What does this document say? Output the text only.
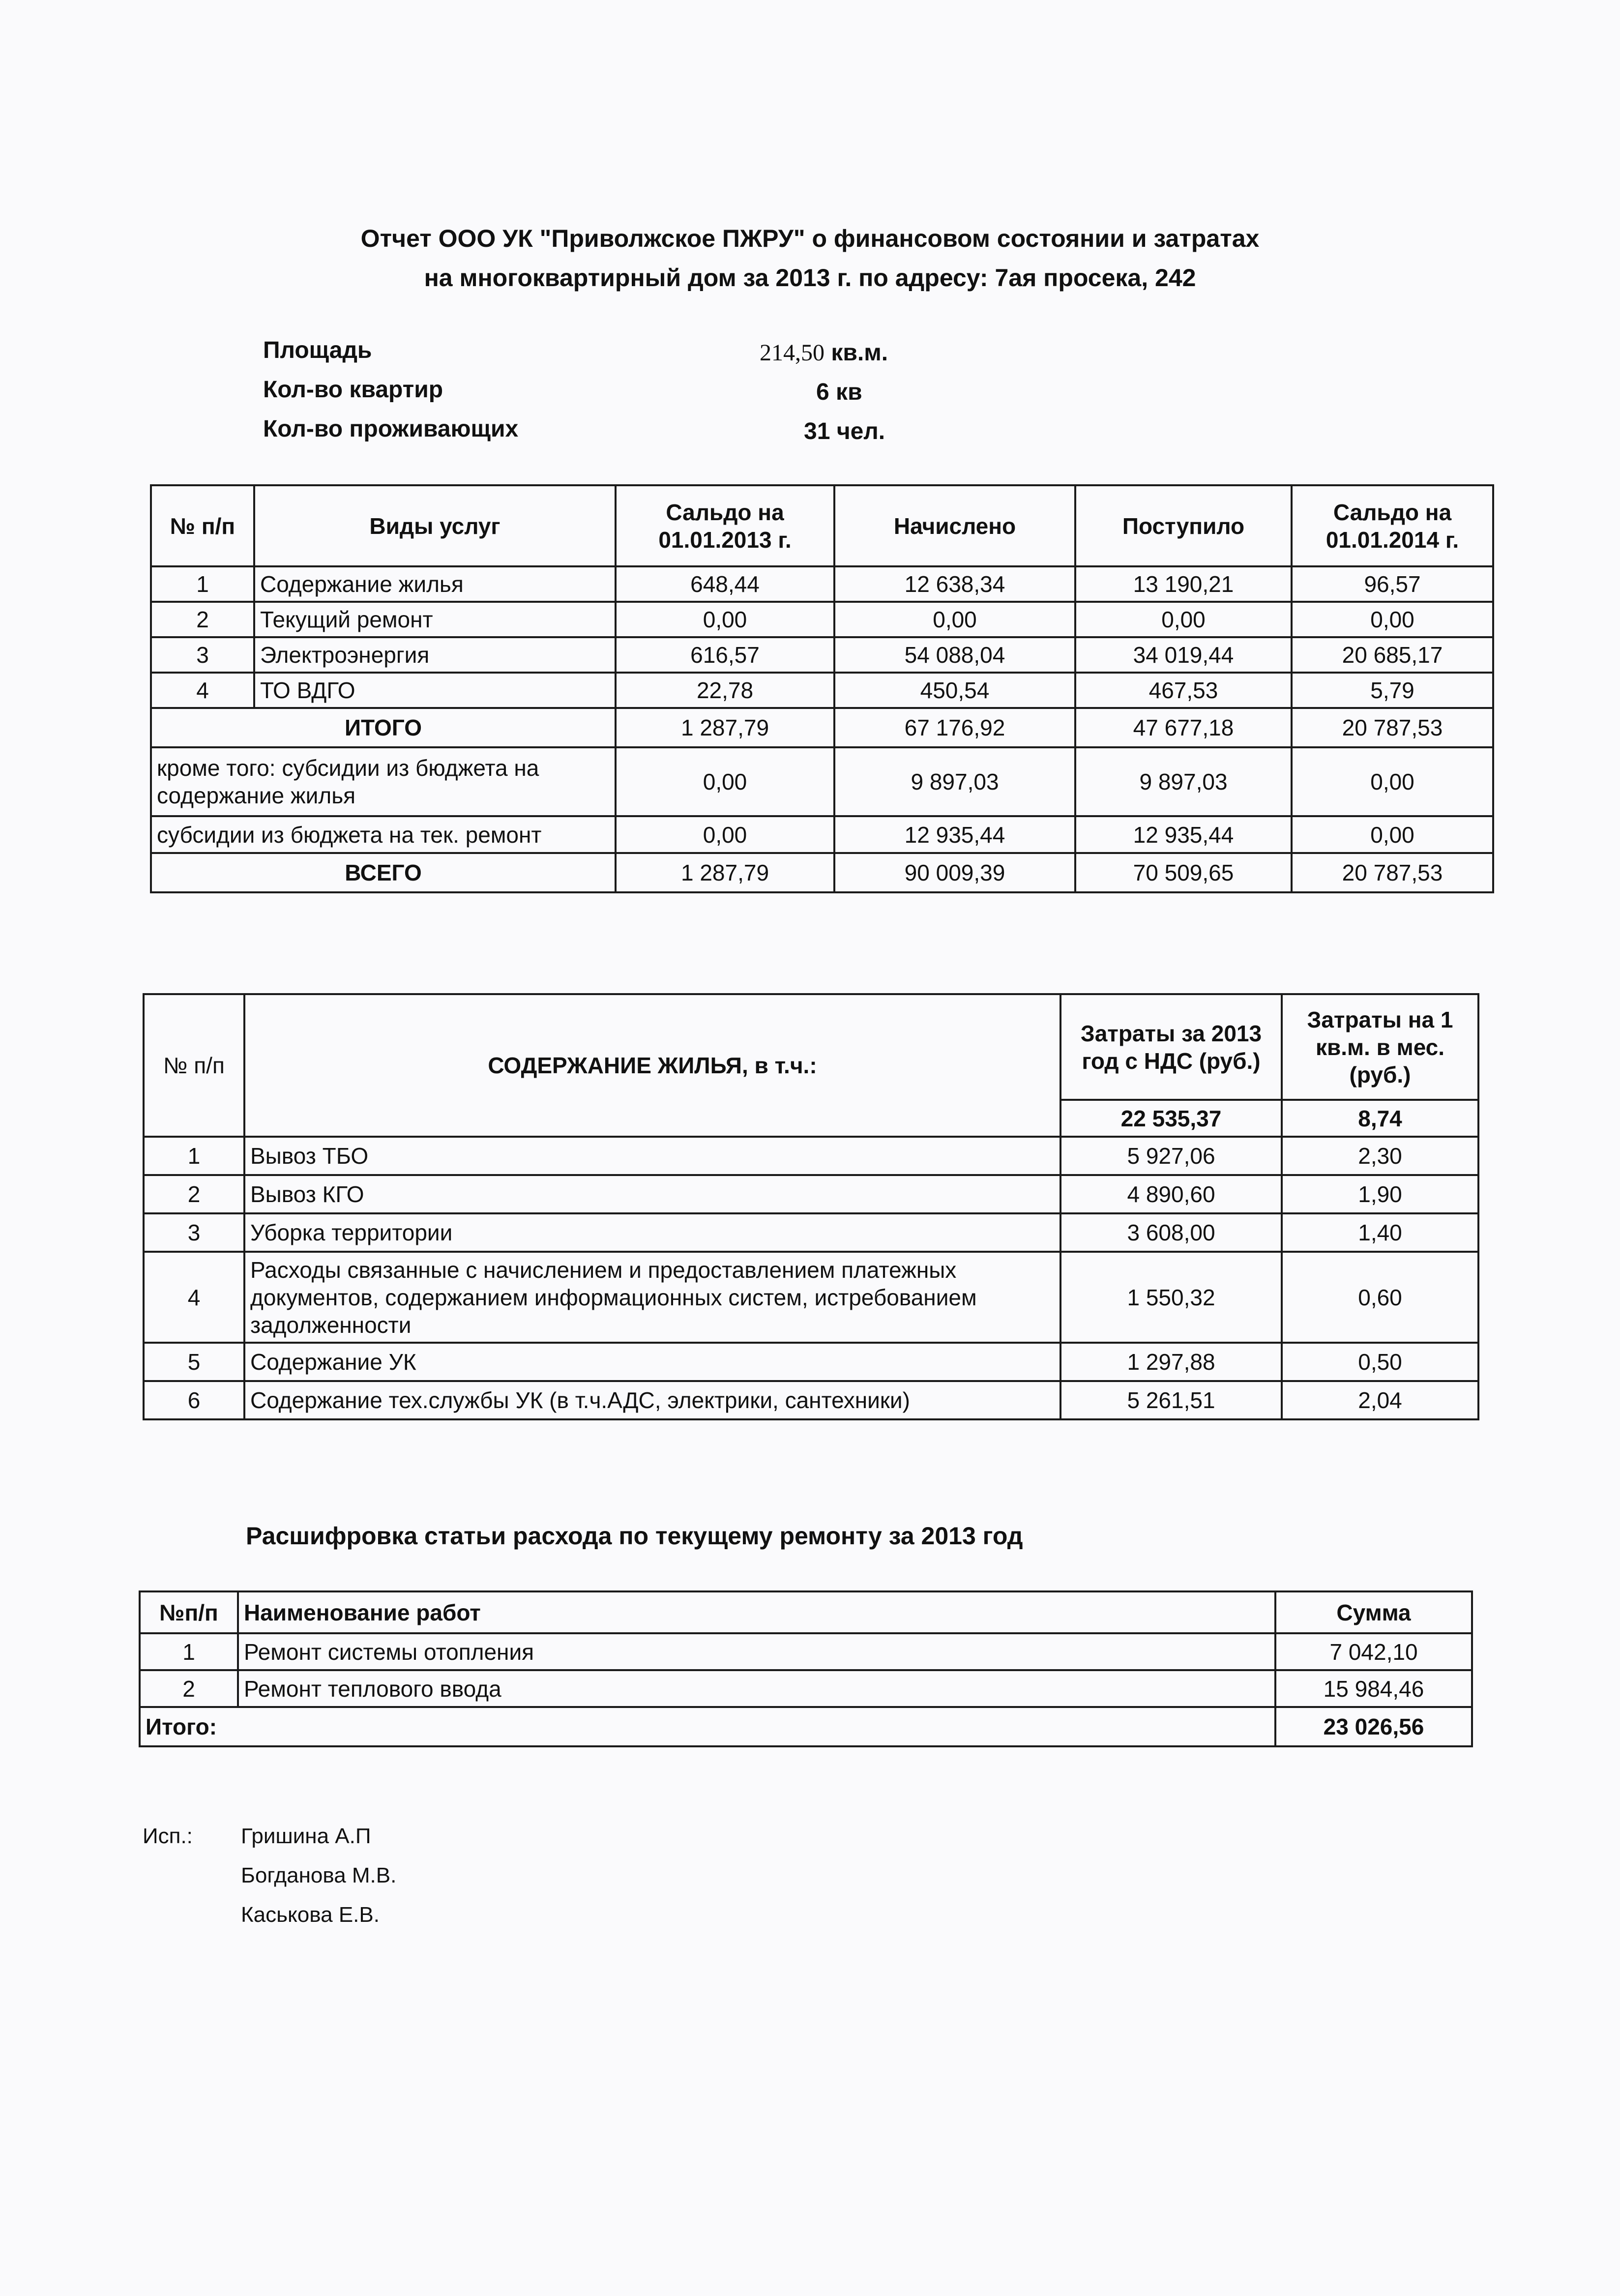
Отчет ООО УК "Приволжское ПЖРУ" о финансовом состоянии и затратах
на многоквартирный дом за 2013 г. по адресу: 7ая просека, 242
Площадь	214,50 кв.м.
Кол-во квартир	6 кв
Кол-во проживающих	31 чел.
№ п/п	Виды услуг	Сальдо на 01.01.2013 г.	Начислено	Поступило	Сальдо на 01.01.2014 г.
1	Содержание жилья	648,44	12 638,34	13 190,21	96,57
2	Текущий ремонт	0,00	0,00	0,00	0,00
3	Электроэнергия	616,57	54 088,04	34 019,44	20 685,17
4	ТО ВДГО	22,78	450,54	467,53	5,79
ИТОГО		1 287,79	67 176,92	47 677,18	20 787,53
кроме того: субсидии из бюджета на содержание жилья		0,00	9 897,03	9 897,03	0,00
субсидии из бюджета на тек. ремонт		0,00	12 935,44	12 935,44	0,00
ВСЕГО		1 287,79	90 009,39	70 509,65	20 787,53
№ п/п	СОДЕРЖАНИЕ ЖИЛЬЯ, в т.ч.:	Затраты за 2013 год с НДС (руб.)	Затраты на 1 кв.м. в мес. (руб.)
		22 535,37	8,74
1	Вывоз ТБО	5 927,06	2,30
2	Вывоз КГО	4 890,60	1,90
3	Уборка территории	3 608,00	1,40
4	Расходы связанные с начислением и предоставлением платежных документов, содержанием информационных систем, истребованием задолженности	1 550,32	0,60
5	Содержание УК	1 297,88	0,50
6	Содержание тех.службы УК (в т.ч.АДС, электрики, сантехники)	5 261,51	2,04
Расшифровка статьи расхода по текущему ремонту за 2013 год
№п/п	Наименование работ	Сумма
1	Ремонт системы отопления	7 042,10
2	Ремонт теплового ввода	15 984,46
Итого:		23 026,56
Исп.: Гришина А.П
Богданова М.В.
Каськова Е.В.
